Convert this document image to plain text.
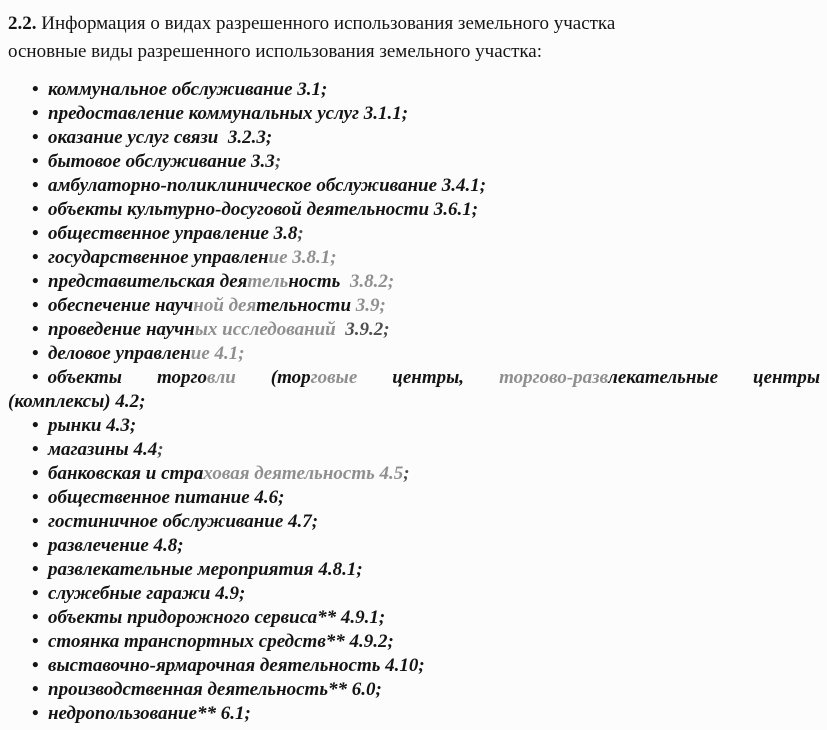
2.2. Информация о видах разрешенного использования земельного участка

основные виды разрешенного использования земельного участка:

• коммунальное обслуживание 3.1;
• предоставление коммунальных услуг 3.1.1;
• оказание услуг связи  3.2.3;
• бытовое обслуживание 3.3;
• амбулаторно-поликлиническое обслуживание 3.4.1;
• объекты культурно-досуговой деятельности 3.6.1;
• общественное управление 3.8;
• государственное управление 3.8.1;
• представительская деятельность  3.8.2;
• обеспечение научной деятельности 3.9;
• проведение научных исследований  3.9.2;
• деловое управление 4.1;
• объекты торговли (торговые центры, торгово-развлекательные центры
(комплексы) 4.2;
• рынки 4.3;
• магазины 4.4;
• банковская и страховая деятельность 4.5;
• общественное питание 4.6;
• гостиничное обслуживание 4.7;
• развлечение 4.8;
• развлекательные мероприятия 4.8.1;
• служебные гаражи 4.9;
• объекты придорожного сервиса** 4.9.1;
• стоянка транспортных средств** 4.9.2;
• выставочно-ярмарочная деятельность 4.10;
• производственная деятельность** 6.0;
• недропользование** 6.1;
